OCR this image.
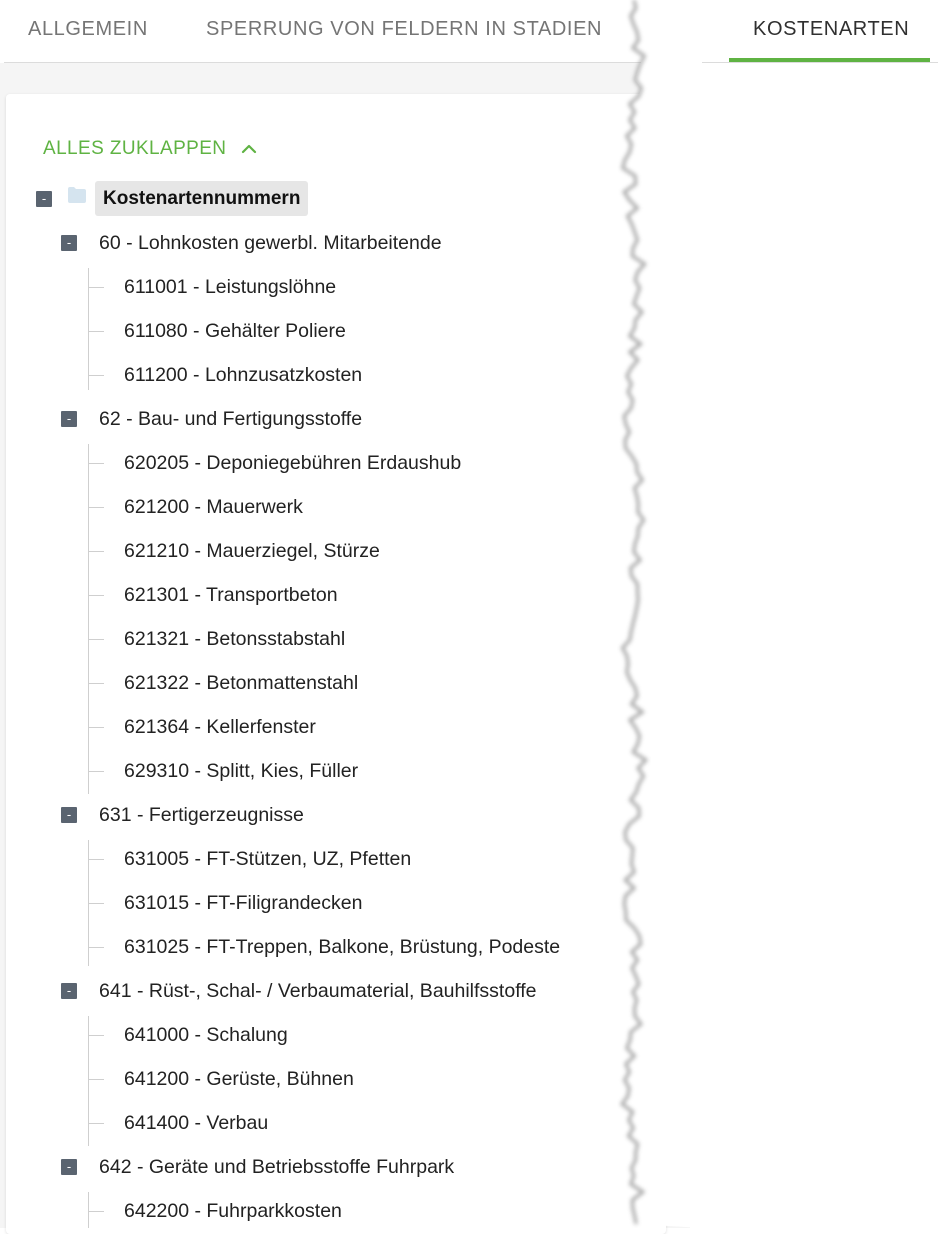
ALLGEMEIN	SPERRUNG VON FELDERN IN STADIEN	KOSTENARTEN
ALLES ZUKLAPPEN
-	Kostenartennummern
- 60 - Lohnkosten gewerbl. Mitarbeitende
611001 - Leistungslöhne
611080 - Gehälter Poliere
611200 - Lohnzusatzkosten
- 62 - Bau- und Fertigungsstoffe
620205 - Deponiegebühren Erdaushub
621200 - Mauerwerk
621210 - Mauerziegel, Stürze
621301 - Transportbeton
621321 - Betonsstabstahl
621322 - Betonmattenstahl
621364 - Kellerfenster
629310 - Splitt, Kies, Füller
- 631 - Fertigerzeugnisse
631005 - FT-Stützen, UZ, Pfetten
631015 - FT-Filigrandecken
631025 - FT-Treppen, Balkone, Brüstung, Podeste
- 641 - Rüst-, Schal- / Verbaumaterial, Bauhilfsstoffe
641000 - Schalung
641200 - Gerüste, Bühnen
641400 - Verbau
- 642 - Geräte und Betriebsstoffe Fuhrpark
642200 - Fuhrparkkosten
